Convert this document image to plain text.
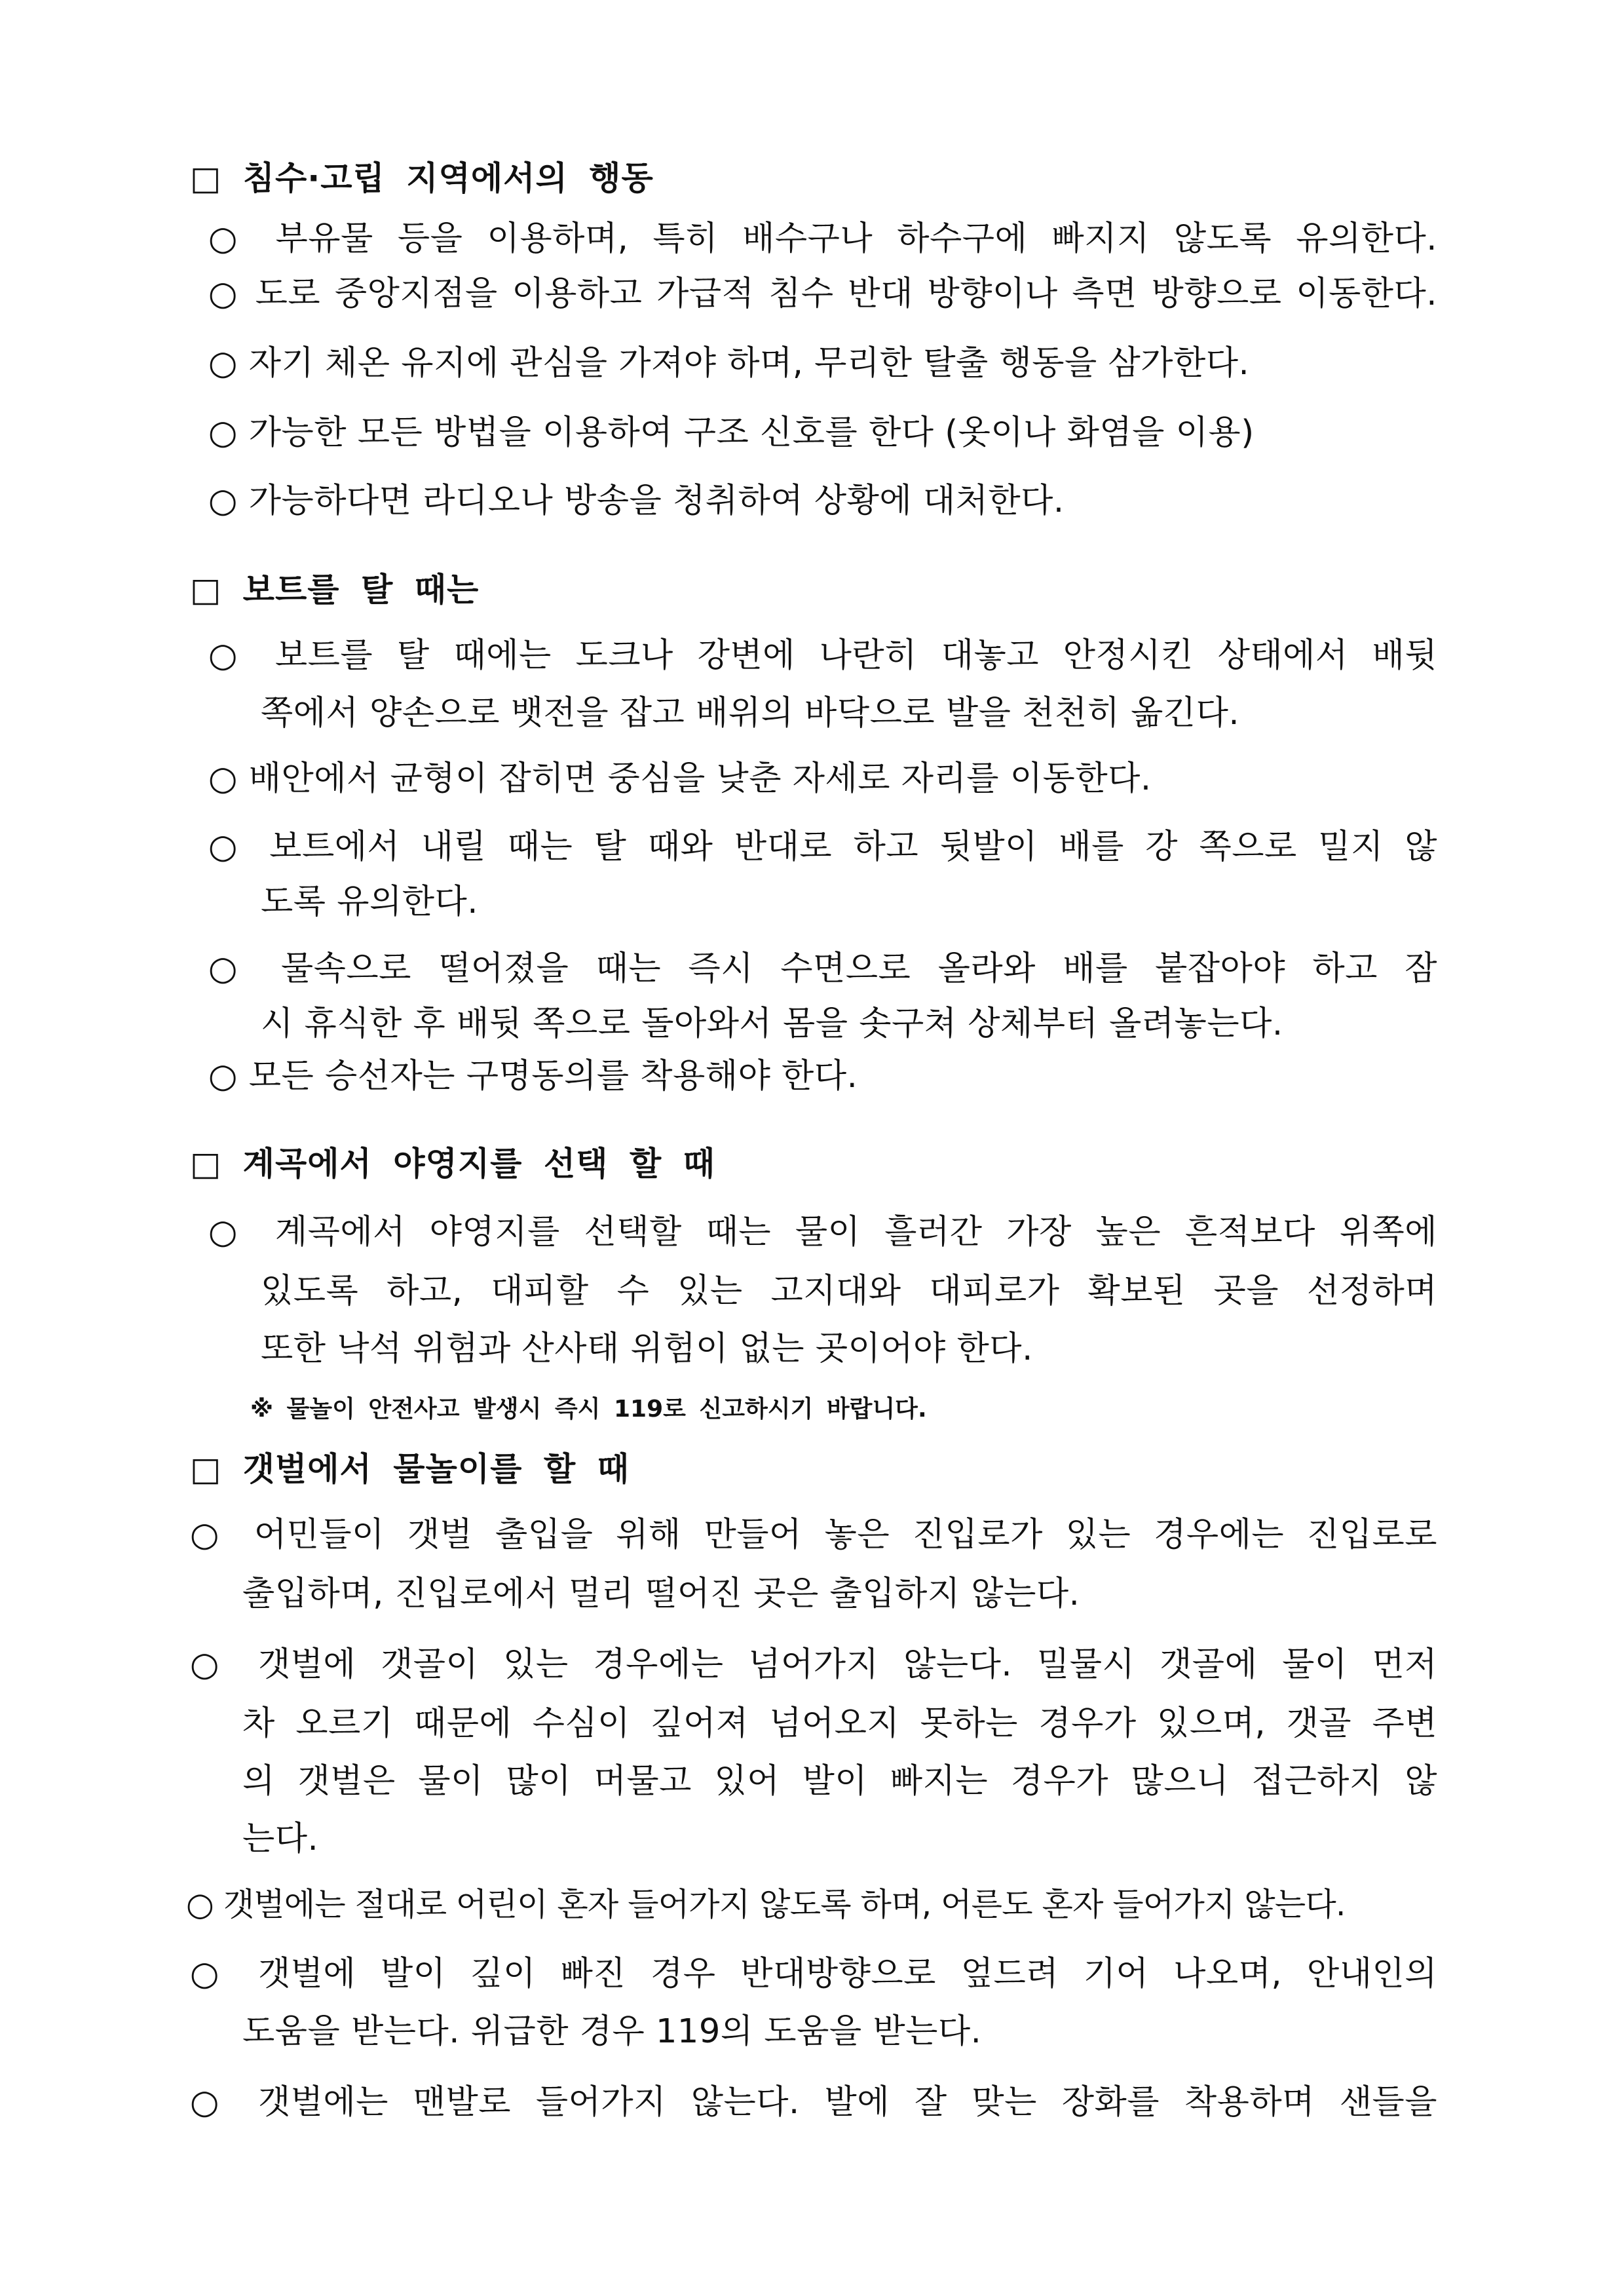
□ 침수·고립 지역에서의 행동
○ 부유물 등을 이용하며, 특히 배수구나 하수구에 빠지지 않도록 유의한다.
○ 도로 중앙지점을 이용하고 가급적 침수 반대 방향이나 측면 방향으로 이동한다.
○ 자기 체온 유지에 관심을 가져야 하며, 무리한 탈출 행동을 삼가한다.
○ 가능한 모든 방법을 이용하여 구조 신호를 한다 (옷이나 화염을 이용)
○ 가능하다면 라디오나 방송을 청취하여 상황에 대처한다.
□ 보트를 탈 때는
○ 보트를 탈 때에는 도크나 강변에 나란히 대놓고 안정시킨 상태에서 배뒷
쪽에서 양손으로 뱃전을 잡고 배위의 바닥으로 발을 천천히 옮긴다.
○ 배안에서 균형이 잡히면 중심을 낮춘 자세로 자리를 이동한다.
○ 보트에서 내릴 때는 탈 때와 반대로 하고 뒷발이 배를 강 쪽으로 밀지 않
도록 유의한다.
○ 물속으로 떨어졌을 때는 즉시 수면으로 올라와 배를 붙잡아야 하고 잠
시 휴식한 후 배뒷 쪽으로 돌아와서 몸을 솟구쳐 상체부터 올려놓는다.
○ 모든 승선자는 구명동의를 착용해야 한다.
□ 계곡에서 야영지를 선택 할 때
○ 계곡에서 야영지를 선택할 때는 물이 흘러간 가장 높은 흔적보다 위쪽에
있도록 하고, 대피할 수 있는 고지대와 대피로가 확보된 곳을 선정하며
또한 낙석 위험과 산사태 위험이 없는 곳이어야 한다.
※ 물놀이 안전사고 발생시 즉시 119로 신고하시기 바랍니다.
□ 갯벌에서 물놀이를 할 때
○ 어민들이 갯벌 출입을 위해 만들어 놓은 진입로가 있는 경우에는 진입로로
출입하며, 진입로에서 멀리 떨어진 곳은 출입하지 않는다.
○ 갯벌에 갯골이 있는 경우에는 넘어가지 않는다. 밀물시 갯골에 물이 먼저
차 오르기 때문에 수심이 깊어져 넘어오지 못하는 경우가 있으며, 갯골 주변
의 갯벌은 물이 많이 머물고 있어 발이 빠지는 경우가 많으니 접근하지 않
는다.
○ 갯벌에는 절대로 어린이 혼자 들어가지 않도록 하며, 어른도 혼자 들어가지 않는다.
○ 갯벌에 발이 깊이 빠진 경우 반대방향으로 엎드려 기어 나오며, 안내인의
도움을 받는다. 위급한 경우 119의 도움을 받는다.
○ 갯벌에는 맨발로 들어가지 않는다. 발에 잘 맞는 장화를 착용하며 샌들을
